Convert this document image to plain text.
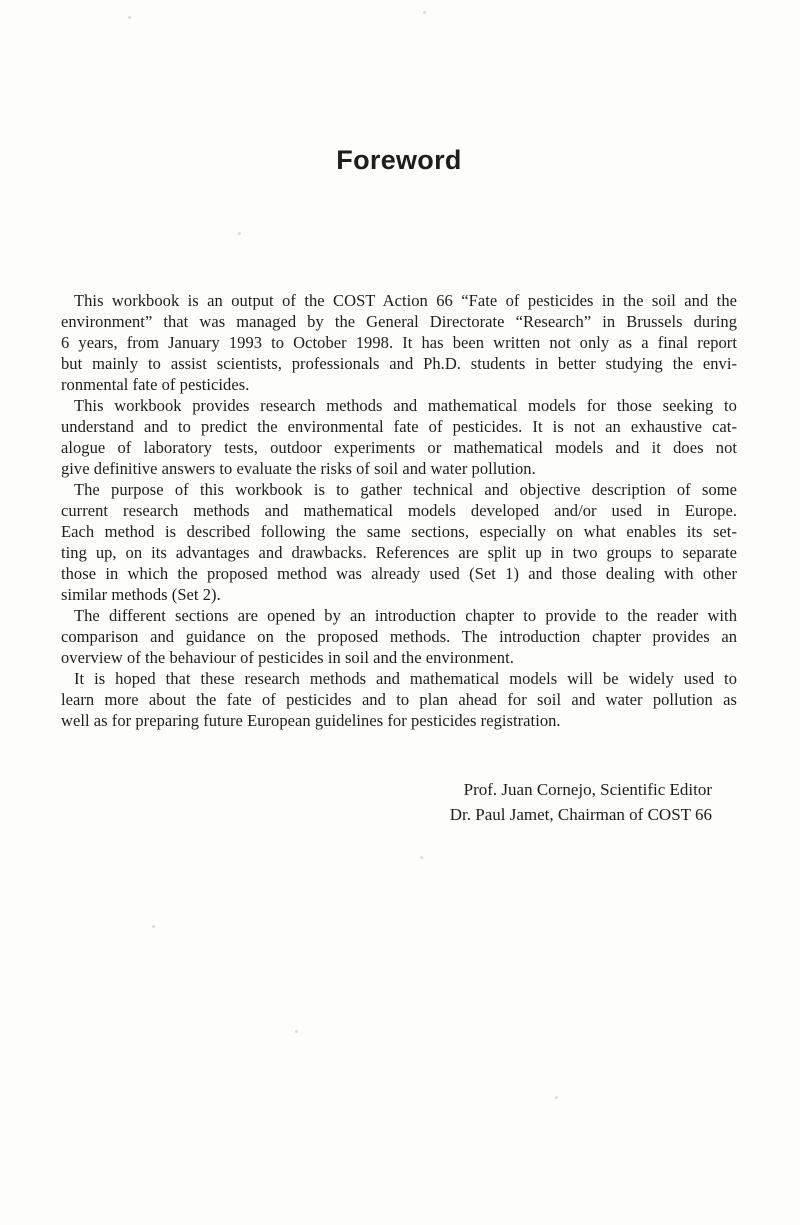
Foreword
This workbook is an output of the COST Action 66 “Fate of pesticides in the soil and the
environment” that was managed by the General Directorate “Research” in Brussels during
6 years, from January 1993 to October 1998. It has been written not only as a final report
but mainly to assist scientists, professionals and Ph.D. students in better studying the envi-
ronmental fate of pesticides.
This workbook provides research methods and mathematical models for those seeking to
understand and to predict the environmental fate of pesticides. It is not an exhaustive cat-
alogue of laboratory tests, outdoor experiments or mathematical models and it does not
give definitive answers to evaluate the risks of soil and water pollution.
The purpose of this workbook is to gather technical and objective description of some
current research methods and mathematical models developed and/or used in Europe.
Each method is described following the same sections, especially on what enables its set-
ting up, on its advantages and drawbacks. References are split up in two groups to separate
those in which the proposed method was already used (Set 1) and those dealing with other
similar methods (Set 2).
The different sections are opened by an introduction chapter to provide to the reader with
comparison and guidance on the proposed methods. The introduction chapter provides an
overview of the behaviour of pesticides in soil and the environment.
It is hoped that these research methods and mathematical models will be widely used to
learn more about the fate of pesticides and to plan ahead for soil and water pollution as
well as for preparing future European guidelines for pesticides registration.
Prof. Juan Cornejo, Scientific Editor
Dr. Paul Jamet, Chairman of COST 66
